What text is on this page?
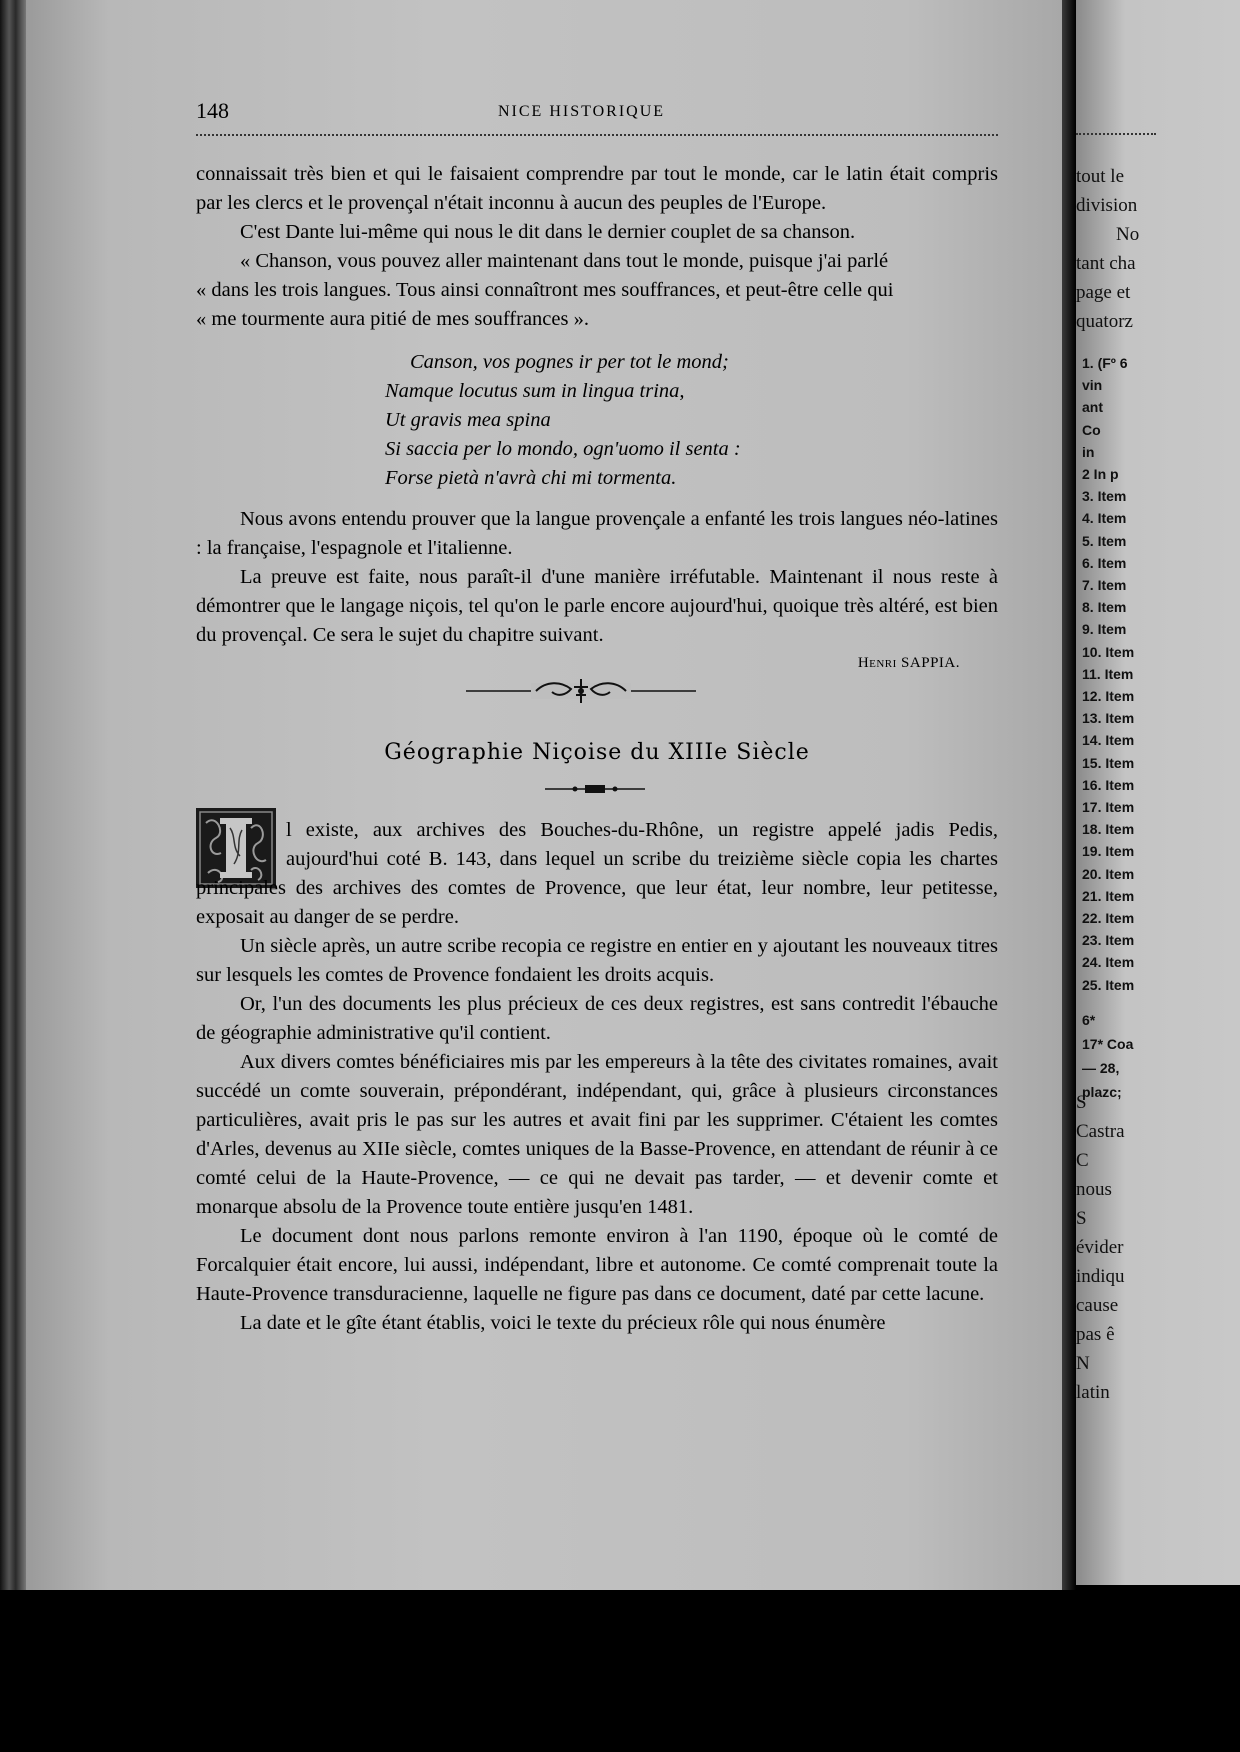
tout le
division
No
tant cha
page et
quatorz
1. (Fº 6
vin
ant
Co
in
2 In p
3. Item
4. Item
5. Item
6. Item
7. Item
8. Item
9. Item
10. Item
11. Item
12. Item
13. Item
14. Item
15. Item
16. Item
17. Item
18. Item
19. Item
20. Item
21. Item
22. Item
23. Item
24. Item
25. Item
6*
17* Coa
— 28,
plazc;
S
Castra
C
nous
S
évider
indiqu
cause
pas ê
N
latin
148	NICE HISTORIQUE

connaissait très bien et qui le faisaient comprendre par tout le monde, car le latin était compris par les clercs et le provençal n'était inconnu à aucun des peuples de l'Europe.

C'est Dante lui-même qui nous le dit dans le dernier couplet de sa chanson.

« Chanson, vous pouvez aller maintenant dans tout le monde, puisque j'ai parlé

« dans les trois langues. Tous ainsi connaîtront mes souffrances, et peut-être celle qui

« me tourmente aura pitié de mes souffrances ».

Canson, vos pognes ir per tot le mond;
Namque locutus sum in lingua trina,
Ut gravis mea spina
Si saccia per lo mondo, ogn'uomo il senta :
Forse pietà n'avrà chi mi tormenta.

Nous avons entendu prouver que la langue provençale a enfanté les trois langues néo-latines : la française, l'espagnole et l'italienne.

La preuve est faite, nous paraît-il d'une manière irréfutable. Maintenant il nous reste à démontrer que le langage niçois, tel qu'on le parle encore aujourd'hui, quoique très altéré, est bien du provençal. Ce sera le sujet du chapitre suivant.

Henri SAPPIA.
Géographie Niçoise du XIIIe Siècle

l existe, aux archives des Bouches-du-Rhône, un registre appelé jadis Pedis, aujourd'hui coté B. 143, dans lequel un scribe du treizième siècle copia les chartes principales des archives des comtes de Provence, que leur état, leur nombre, leur petitesse, exposait au danger de se perdre.

Un siècle après, un autre scribe recopia ce registre en entier en y ajoutant les nouveaux titres sur lesquels les comtes de Provence fondaient les droits acquis.

Or, l'un des documents les plus précieux de ces deux registres, est sans contredit l'ébauche de géographie administrative qu'il contient.

Aux divers comtes bénéficiaires mis par les empereurs à la tête des civitates romaines, avait succédé un comte souverain, prépondérant, indépendant, qui, grâce à plusieurs circonstances particulières, avait pris le pas sur les autres et avait fini par les supprimer. C'étaient les comtes d'Arles, devenus au XIIe siècle, comtes uniques de la Basse-Provence, en attendant de réunir à ce comté celui de la Haute-Provence, — ce qui ne devait pas tarder, — et devenir comte et monarque absolu de la Provence toute entière jusqu'en 1481.

Le document dont nous parlons remonte environ à l'an 1190, époque où le comté de Forcalquier était encore, lui aussi, indépendant, libre et autonome. Ce comté comprenait toute la Haute-Provence transduracienne, laquelle ne figure pas dans ce document, daté par cette lacune.

La date et le gîte étant établis, voici le texte du précieux rôle qui nous énumère
